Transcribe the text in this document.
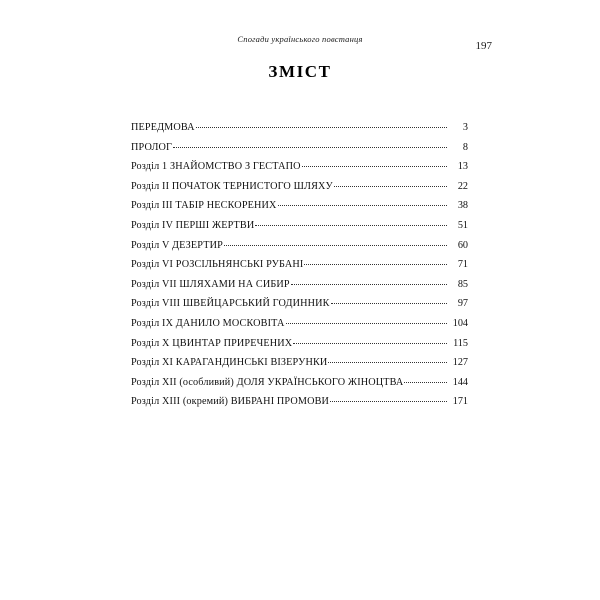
Спогади українського повстанця
197
ЗМІСТ
ПЕРЕДМОВА	3
ПРОЛОГ	8
Розділ 1 ЗНАЙОМСТВО З ГЕСТАПО	13
Розділ II ПОЧАТОК ТЕРНИСТОГО ШЛЯХУ	22
Розділ III ТАБІР НЕСКОРЕНИХ	38
Розділ IV ПЕРШІ ЖЕРТВИ	51
Розділ V ДЕЗЕРТИР	60
Розділ VI РОЗСІЛЬНЯНСЬКІ РУБАНІ	71
Розділ VII ШЛЯХАМИ НА СИБИР	85
Розділ VIII ШВЕЙЦАРСЬКИЙ ГОДИННИК	97
Розділ IX ДАНИЛО МОСКОВІТА	104
Розділ X ЦВИНТАР ПРИРЕЧЕНИХ	115
Розділ XI КАРАГАНДИНСЬКІ ВІЗЕРУНКИ	127
Розділ XII (особливий) ДОЛЯ УКРАЇНСЬКОГО ЖІНОЦТВА	144
Розділ XIII (окремий) ВИБРАНІ ПРОМОВИ	171
